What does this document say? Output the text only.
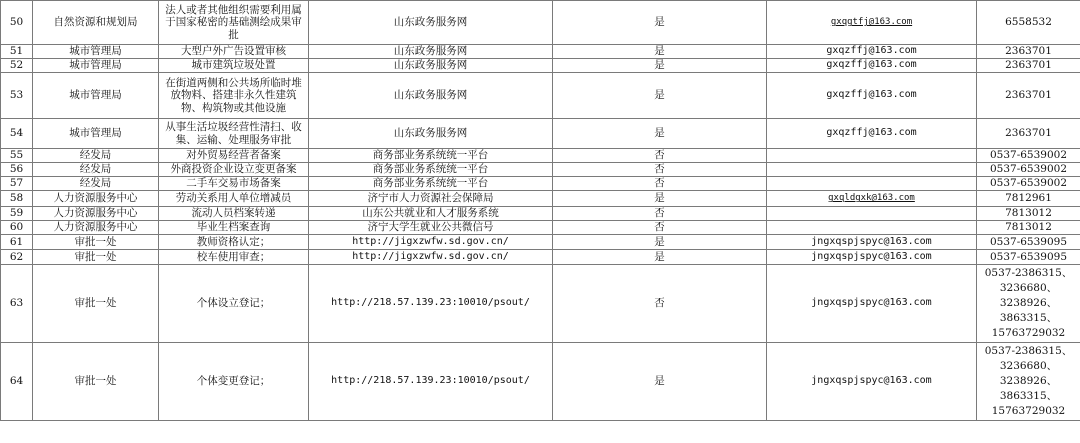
50	自然资源和规划局	法人或者其他组织需要利用属于国家秘密的基础测绘成果审批	山东政务服务网	是	gxqgtfj@163.com	6558532
51	城市管理局	大型户外广告设置审核	山东政务服务网	是	gxqzffj@163.com	2363701
52	城市管理局	城市建筑垃圾处置	山东政务服务网	是	gxqzffj@163.com	2363701
53	城市管理局	在街道两侧和公共场所临时堆放物料、搭建非永久性建筑物、构筑物或其他设施	山东政务服务网	是	gxqzffj@163.com	2363701
54	城市管理局	从事生活垃圾经营性清扫、收集、运输、处理服务审批	山东政务服务网	是	gxqzffj@163.com	2363701
55	经发局	对外贸易经营者备案	商务部业务系统统一平台	否		0537-6539002
56	经发局	外商投资企业设立变更备案	商务部业务系统统一平台	否		0537-6539002
57	经发局	二手车交易市场备案	商务部业务系统统一平台	否		0537-6539002
58	人力资源服务中心	劳动关系用人单位增减员	济宁市人力资源社会保障局	是	gxqldgxk@163.com	7812961
59	人力资源服务中心	流动人员档案转递	山东公共就业和人才服务系统	否		7813012
60	人力资源服务中心	毕业生档案查询	济宁大学生就业公共微信号	否		7813012
61	审批一处	教师资格认定；	http://jigxzwfw.sd.gov.cn/	是	jngxqspjspyc@163.com	0537-6539095
62	审批一处	校车使用审查；	http://jigxzwfw.sd.gov.cn/	是	jngxqspjspyc@163.com	0537-6539095
63	审批一处	个体设立登记；	http://218.57.139.23:10010/psout/	否	jngxqspjspyc@163.com	0537-2386315、3236680、3238926、3863315、15763729032
64	审批一处	个体变更登记；	http://218.57.139.23:10010/psout/	是	jngxqspjspyc@163.com	0537-2386315、3236680、3238926、3863315、15763729032
